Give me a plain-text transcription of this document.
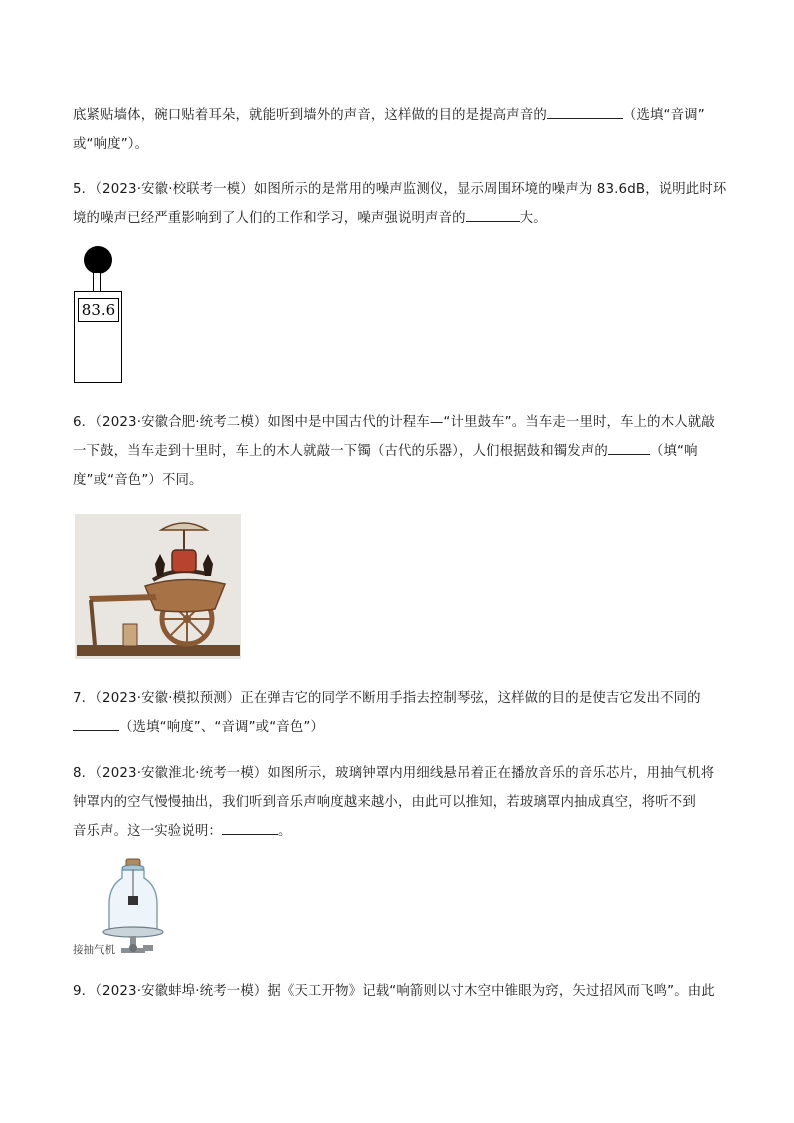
底紧贴墙体，碗口贴着耳朵，就能听到墙外的声音，这样做的目的是提高声音的	（选填“音调”
或“响度”）。
5．（2023·安徽·校联考一模）如图所示的是常用的噪声监测仪，显示周围环境的噪声为 83.6dB，说明此时环
境的噪声已经严重影响到了人们的工作和学习，噪声强说明声音的	大。
83.6
6．（2023·安徽合肥·统考二模）如图中是中国古代的计程车—“计里鼓车”。当车走一里时，车上的木人就敲
一下鼓，当车走到十里时，车上的木人就敲一下镯（古代的乐器），人们根据鼓和镯发声的	（填“响
度”或“音色”）不同。
7．（2023·安徽·模拟预测）正在弹吉它的同学不断用手指去控制琴弦，这样做的目的是使吉它发出不同的
（选填“响度”、“音调”或“音色”）
8．（2023·安徽淮北·统考一模）如图所示，玻璃钟罩内用细线悬吊着正在播放音乐的音乐芯片，用抽气机将
钟罩内的空气慢慢抽出，我们听到音乐声响度越来越小，由此可以推知，若玻璃罩内抽成真空，将听不到
音乐声。这一实验说明：	。
接抽气机
9．（2023·安徽蚌埠·统考一模）据《天工开物》记载“响箭则以寸木空中锥眼为窍，矢过招风而飞鸣”。由此
